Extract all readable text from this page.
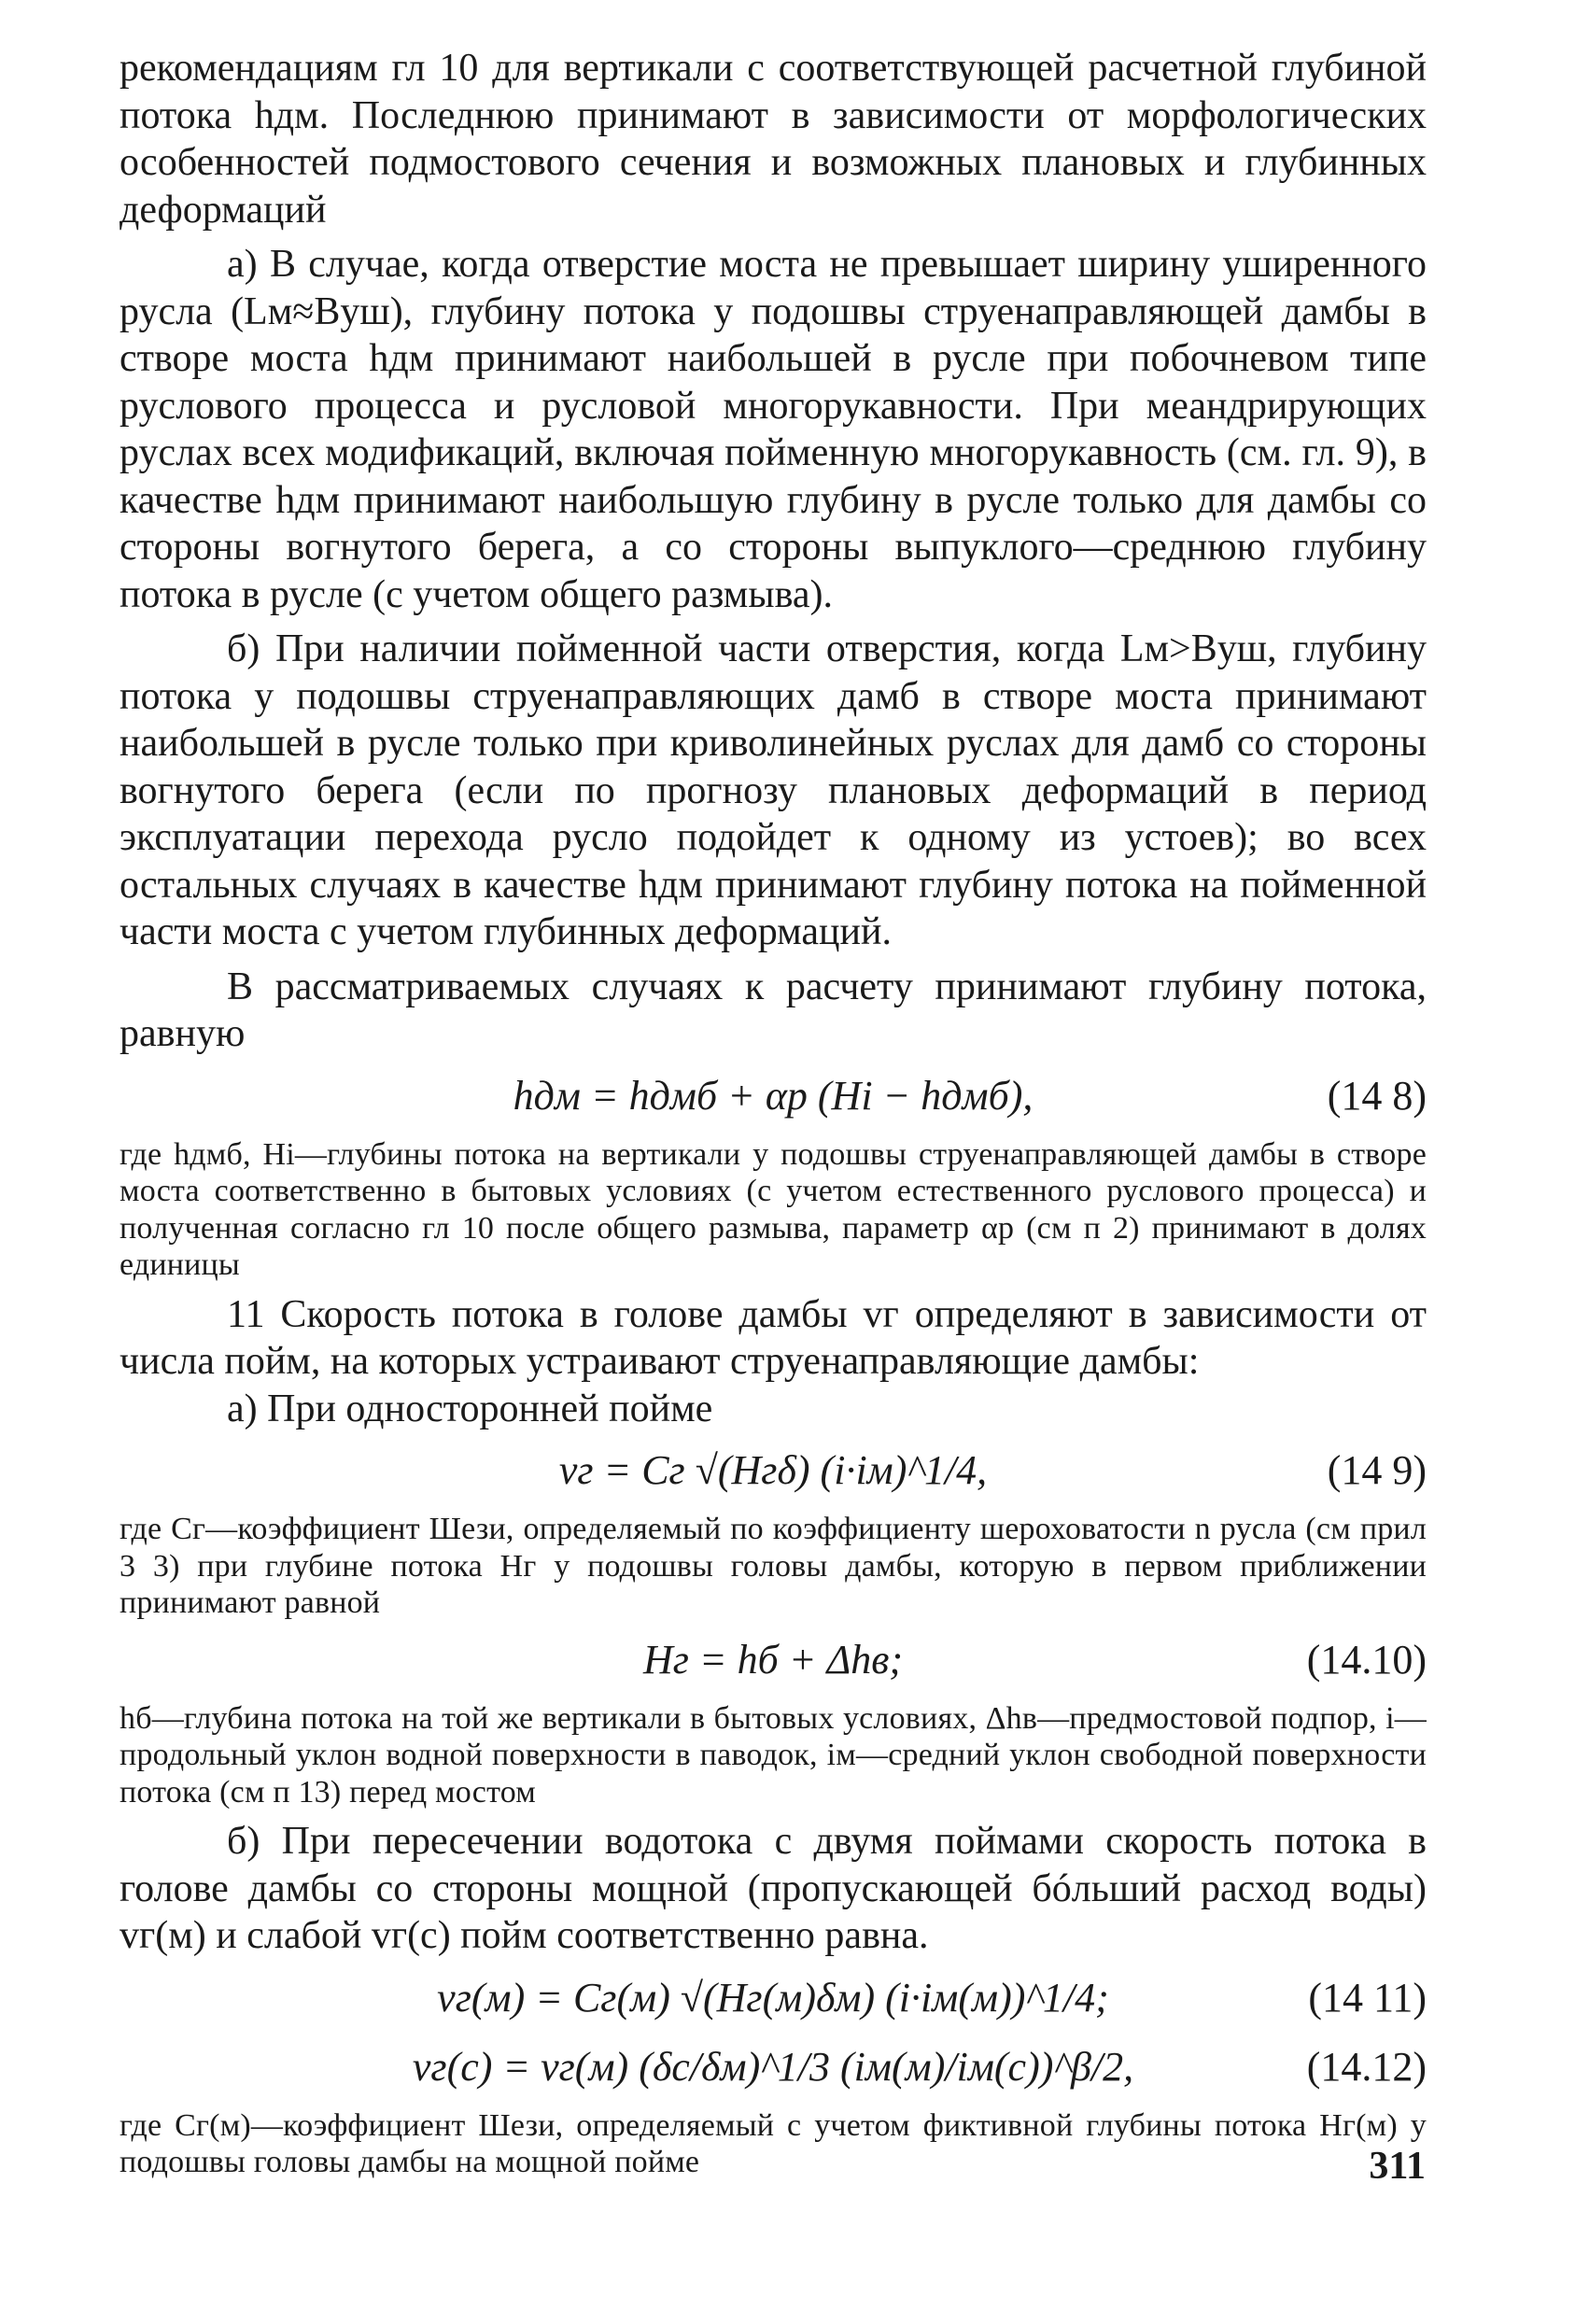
рекомендациям гл 10 для вертикали с соответствующей расчетной глубиной потока hдм. Последнюю принимают в зависимости от морфологических особенностей подмостового сечения и возможных плановых и глубинных деформаций

а) В случае, когда отверстие моста не превышает ширину уширенного русла (Lм≈Bуш), глубину потока у подошвы струенаправляющей дамбы в створе моста hдм принимают наибольшей в русле при побочневом типе руслового процесса и русловой многорукавности. При меандрирующих руслах всех модификаций, включая пойменную многорукавность (см. гл. 9), в качестве hдм принимают наибольшую глубину в русле только для дамбы со стороны вогнутого берега, а со стороны выпуклого—среднюю глубину потока в русле (с учетом общего размыва).

б) При наличии пойменной части отверстия, когда Lм>Bуш, глубину потока у подошвы струенаправляющих дамб в створе моста принимают наибольшей в русле только при криволинейных руслах для дамб со стороны вогнутого берега (если по прогнозу плановых деформаций в период эксплуатации перехода русло подойдет к одному из устоев); во всех остальных случаях в качестве hдм принимают глубину потока на пойменной части моста с учетом глубинных деформаций.

В рассматриваемых случаях к расчету принимают глубину потока, равную

hдм = hдмб + αр (Hi − hдмб),	(14 8)

где hдмб, Hi—глубины потока на вертикали у подошвы струенаправляющей дамбы в створе моста соответственно в бытовых условиях (с учетом естественного руслового процесса) и полученная согласно гл 10 после общего размыва, параметр αр (см п 2) принимают в долях единицы

11 Скорость потока в голове дамбы vг определяют в зависимости от числа пойм, на которых устраивают струенаправляющие дамбы:

а) При односторонней пойме

vг = Cг √(Hгδ) (i·iм)^1/4,	(14 9)

где Cг—коэффициент Шези, определяемый по коэффициенту шероховатости n русла (см прил 3 3) при глубине потока Hг у подошвы головы дамбы, которую в первом приближении принимают равной

Hг = hб + Δhв;	(14.10)

hб—глубина потока на той же вертикали в бытовых условиях, Δhв—предмостовой подпор, i—продольный уклон водной поверхности в паводок, iм—средний уклон свободной поверхности потока (см п 13) перед мостом

б) При пересечении водотока с двумя поймами скорость потока в голове дамбы со стороны мощной (пропускающей бóльший расход воды) vг(м) и слабой vг(с) пойм соответственно равна.

vг(м) = Cг(м) √(Hг(м)δм) (i·iм(м))^1/4;	(14 11)
vг(с) = vг(м) (δс/δм)^1/3 (iм(м)/iм(с))^β/2,	(14.12)

где Cг(м)—коэффициент Шези, определяемый с учетом фиктивной глубины потока Hг(м) у подошвы головы дамбы на мощной пойме	311
